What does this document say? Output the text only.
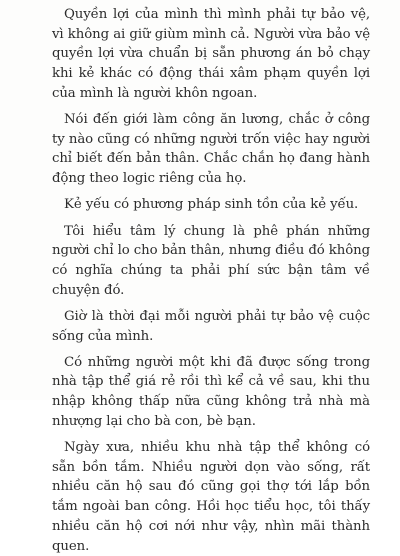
Quyền lợi của mình thì mình phải tự bảo vệ, vì không ai giữ giùm mình cả. Người vừa bảo vệ quyền lợi vừa chuẩn bị sẵn phương án bỏ chạy khi kẻ khác có động thái xâm phạm quyền lợi của mình là người khôn ngoan.

Nói đến giới làm công ăn lương, chắc ở công ty nào cũng có những người trốn việc hay người chỉ biết đến bản thân. Chắc chắn họ đang hành động theo logic riêng của họ.

Kẻ yếu có phương pháp sinh tồn của kẻ yếu.

Tôi hiểu tâm lý chung là phê phán những người chỉ lo cho bản thân, nhưng điều đó không có nghĩa chúng ta phải phí sức bận tâm về chuyện đó.

Giờ là thời đại mỗi người phải tự bảo vệ cuộc sống của mình.

Có những người một khi đã được sống trong nhà tập thể giá rẻ rồi thì kể cả về sau, khi thu nhập không thấp nữa cũng không trả nhà mà nhượng lại cho bà con, bè bạn.

Ngày xưa, nhiều khu nhà tập thể không có sẵn bồn tắm. Nhiều người dọn vào sống, rất nhiều căn hộ sau đó cũng gọi thợ tới lắp bồn tắm ngoài ban công. Hồi học tiểu học, tôi thấy nhiều căn hộ cơi nới như vậy, nhìn mãi thành quen.
